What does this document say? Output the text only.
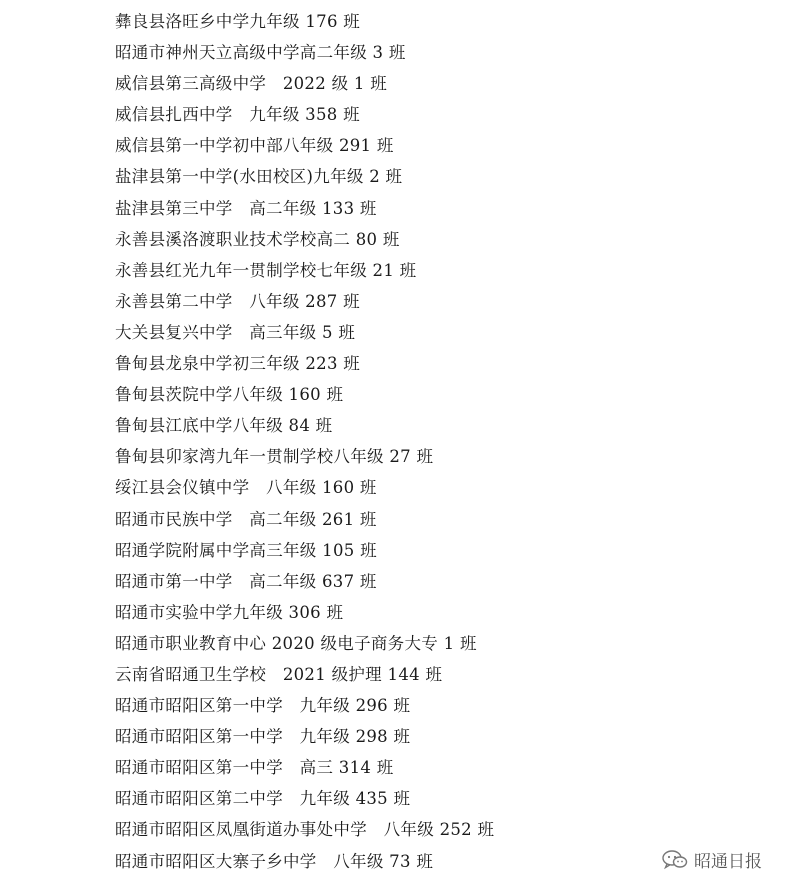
彝良县洛旺乡中学九年级 176 班
昭通市神州天立高级中学高二年级 3 班
威信县第三高级中学   2022 级 1 班
威信县扎西中学   九年级 358 班
威信县第一中学初中部八年级 291 班
盐津县第一中学(水田校区)九年级 2 班
盐津县第三中学   高二年级 133 班
永善县溪洛渡职业技术学校高二 80 班
永善县红光九年一贯制学校七年级 21 班
永善县第二中学   八年级 287 班
大关县复兴中学   高三年级 5 班
鲁甸县龙泉中学初三年级 223 班
鲁甸县茨院中学八年级 160 班
鲁甸县江底中学八年级 84 班
鲁甸县卯家湾九年一贯制学校八年级 27 班
绥江县会仪镇中学   八年级 160 班
昭通市民族中学   高二年级 261 班
昭通学院附属中学高三年级 105 班
昭通市第一中学   高二年级 637 班
昭通市实验中学九年级 306 班
昭通市职业教育中心 2020 级电子商务大专 1 班
云南省昭通卫生学校   2021 级护理 144 班
昭通市昭阳区第一中学   九年级 296 班
昭通市昭阳区第一中学   九年级 298 班
昭通市昭阳区第一中学   高三 314 班
昭通市昭阳区第二中学   九年级 435 班
昭通市昭阳区凤凰街道办事处中学   八年级 252 班
昭通市昭阳区大寨子乡中学   八年级 73 班	昭通日报
